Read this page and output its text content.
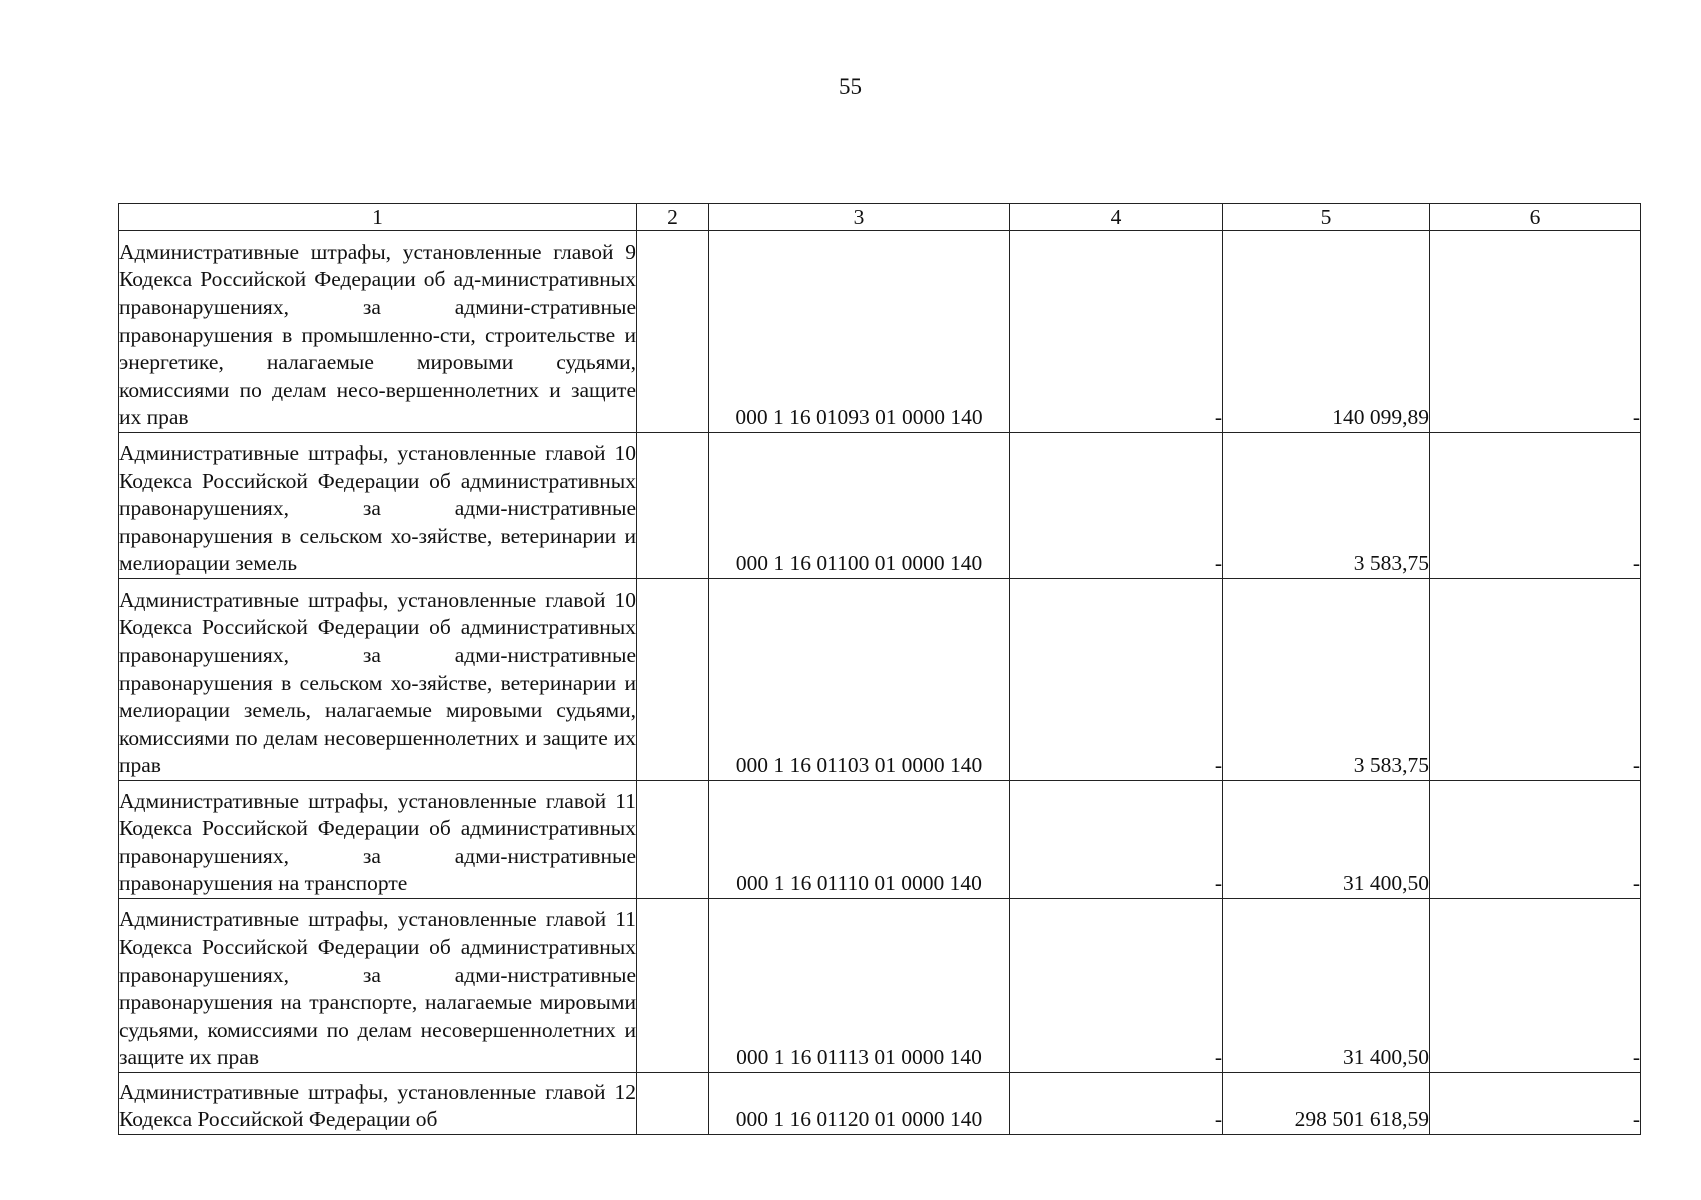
55
1	2	3	4	5	6
Административные штрафы, установленные главой 9 Кодекса Российской Федерации об ад-министративных правонарушениях, за админи-стративные правонарушения в промышленно-сти, строительстве и энергетике, налагаемые мировыми судьями, комиссиями по делам несо-вершеннолетних и защите их прав		000 1 16 01093 01 0000 140	-	140 099,89	-
Административные штрафы, установленные главой 10 Кодекса Российской Федерации об административных правонарушениях, за адми-нистративные правонарушения в сельском хо-зяйстве, ветеринарии и мелиорации земель		000 1 16 01100 01 0000 140	-	3 583,75	-
Административные штрафы, установленные главой 10 Кодекса Российской Федерации об административных правонарушениях, за адми-нистративные правонарушения в сельском хо-зяйстве, ветеринарии и мелиорации земель, налагаемые мировыми судьями, комиссиями по делам несовершеннолетних и защите их прав		000 1 16 01103 01 0000 140	-	3 583,75	-
Административные штрафы, установленные главой 11 Кодекса Российской Федерации об административных правонарушениях, за адми-нистративные правонарушения на транспорте		000 1 16 01110 01 0000 140	-	31 400,50	-
Административные штрафы, установленные главой 11 Кодекса Российской Федерации об административных правонарушениях, за адми-нистративные правонарушения на транспорте, налагаемые мировыми судьями, комиссиями по делам несовершеннолетних и защите их прав		000 1 16 01113 01 0000 140	-	31 400,50	-
Административные штрафы, установленные главой 12 Кодекса Российской Федерации об		000 1 16 01120 01 0000 140	-	298 501 618,59	-
